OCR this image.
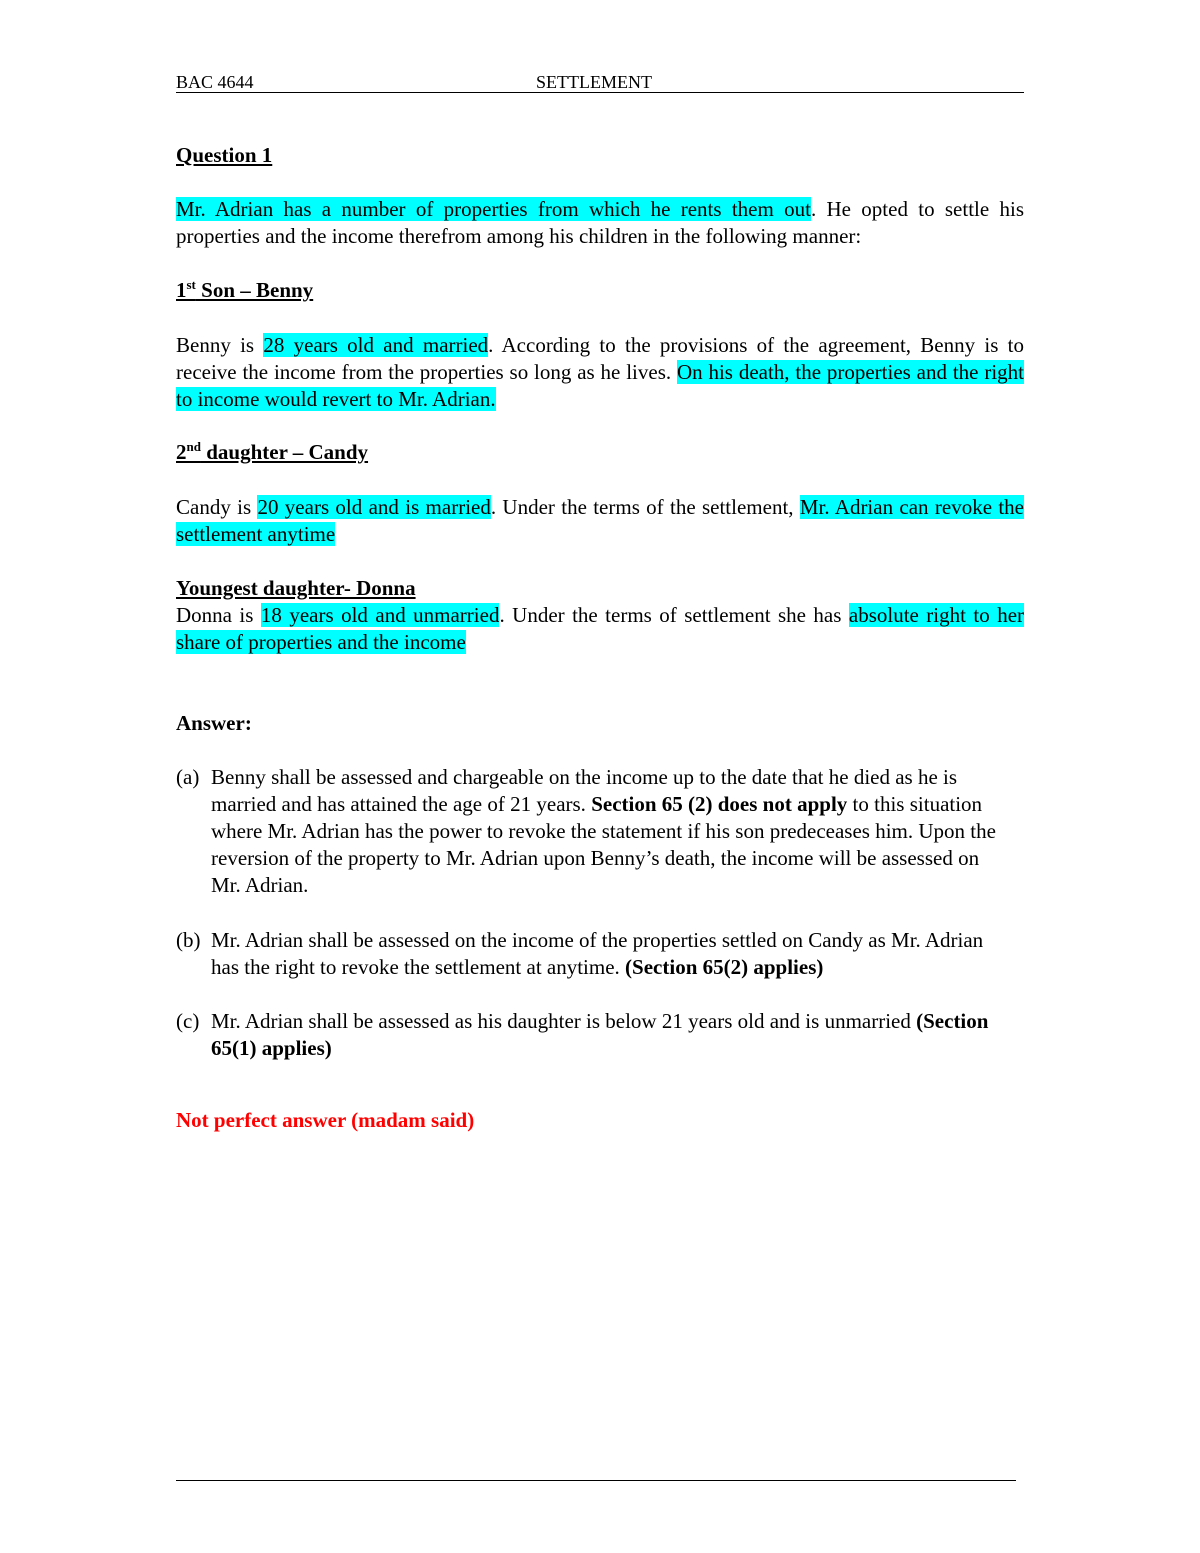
BAC 4644	SETTLEMENT
Question 1
Mr. Adrian has a number of properties from which he rents them out. He opted to settle his properties and the income therefrom among his children in the following manner:
1st Son – Benny
Benny is 28 years old and married. According to the provisions of the agreement, Benny is to receive the income from the properties so long as he lives. On his death, the properties and the right to income would revert to Mr. Adrian.
2nd daughter – Candy
Candy is 20 years old and is married. Under the terms of the settlement, Mr. Adrian can revoke the settlement anytime
Youngest daughter- Donna
Donna is 18 years old and unmarried. Under the terms of settlement she has absolute right to her share of properties and the income
Answer:
(a) Benny shall be assessed and chargeable on the income up to the date that he died as he is married and has attained the age of 21 years. Section 65 (2) does not apply to this situation where Mr. Adrian has the power to revoke the statement if his son predeceases him. Upon the reversion of the property to Mr. Adrian upon Benny’s death, the income will be assessed on Mr. Adrian.
(b) Mr. Adrian shall be assessed on the income of the properties settled on Candy as Mr. Adrian has the right to revoke the settlement at anytime. (Section 65(2) applies)
(c) Mr. Adrian shall be assessed as his daughter is below 21 years old and is unmarried (Section 65(1) applies)
Not perfect answer (madam said)
